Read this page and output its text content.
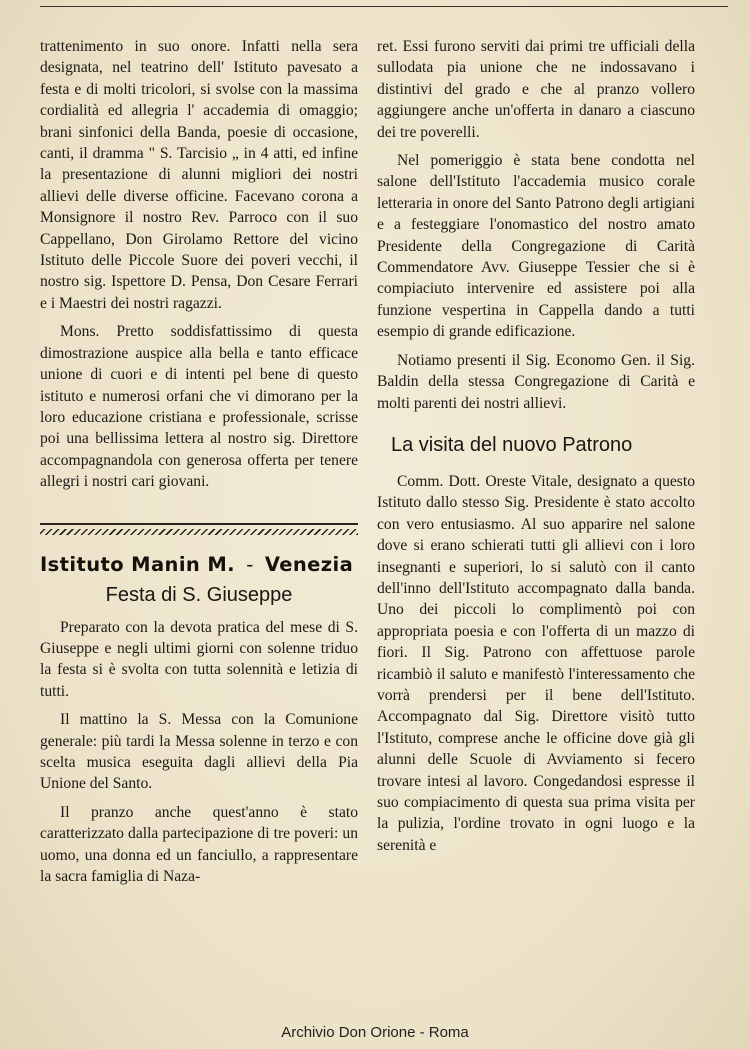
trattenimento in suo onore. Infatti nella sera designata, nel teatrino dell' Istituto pavesato a festa e di molti tricolori, si svolse con la massima cordialità ed allegria l' accademia di omaggio; brani sinfonici della Banda, poesie di occasione, canti, il dramma " S. Tarcisio „ in 4 atti, ed infine la presentazione di alunni migliori dei nostri allievi delle diverse officine. Facevano corona a Monsignore il nostro Rev. Parroco con il suo Cappellano, Don Girolamo Rettore del vicino Istituto delle Piccole Suore dei poveri vecchi, il nostro sig. Ispettore D. Pensa, Don Cesare Ferrari e i Maestri dei nostri ragazzi.

Mons. Pretto soddisfattissimo di questa dimostrazione auspice alla bella e tanto efficace unione di cuori e di intenti pel bene di questo istituto e numerosi orfani che vi dimorano per la loro educazione cristiana e professionale, scrisse poi una bellissima lettera al nostro sig. Direttore accompagnandola con generosa offerta per tenere allegri i nostri cari giovani.

Istituto Manin M. - Venezia
Festa di S. Giuseppe

Preparato con la devota pratica del mese di S. Giuseppe e negli ultimi giorni con solenne triduo la festa si è svolta con tutta solennità e letizia di tutti.

Il mattino la S. Messa con la Comunione generale: più tardi la Messa solenne in terzo e con scelta musica eseguita dagli allievi della Pia Unione del Santo.

Il pranzo anche quest'anno è stato caratterizzato dalla partecipazione di tre poveri: un uomo, una donna ed un fanciullo, a rappresentare la sacra famiglia di Naza-

ret. Essi furono serviti dai primi tre ufficiali della sullodata pia unione che ne indossavano i distintivi del grado e che al pranzo vollero aggiungere anche un'offerta in danaro a ciascuno dei tre poverelli.

Nel pomeriggio è stata bene condotta nel salone dell'Istituto l'accademia musico corale letteraria in onore del Santo Patrono degli artigiani e a festeggiare l'onomastico del nostro amato Presidente della Congregazione di Carità Commendatore Avv. Giuseppe Tessier che si è compiaciuto intervenire ed assistere poi alla funzione vespertina in Cappella dando a tutti esempio di grande edificazione.

Notiamo presenti il Sig. Economo Gen. il Sig. Baldin della stessa Congregazione di Carità e molti parenti dei nostri allievi.

La visita del nuovo Patrono

Comm. Dott. Oreste Vitale, designato a questo Istituto dallo stesso Sig. Presidente è stato accolto con vero entusiasmo. Al suo apparire nel salone dove si erano schierati tutti gli allievi con i loro insegnanti e superiori, lo si salutò con il canto dell'inno dell'Istituto accompagnato dalla banda. Uno dei piccoli lo complimentò poi con appropriata poesia e con l'offerta di un mazzo di fiori. Il Sig. Patrono con affettuose parole ricambiò il saluto e manifestò l'interessamento che vorrà prendersi per il bene dell'Istituto. Accompagnato dal Sig. Direttore visitò tutto l'Istituto, comprese anche le officine dove già gli alunni delle Scuole di Avviamento si fecero trovare intesi al lavoro. Congedandosi espresse il suo compiacimento di questa sua prima visita per la pulizia, l'ordine trovato in ogni luogo e la serenità e

Archivio Don Orione - Roma
